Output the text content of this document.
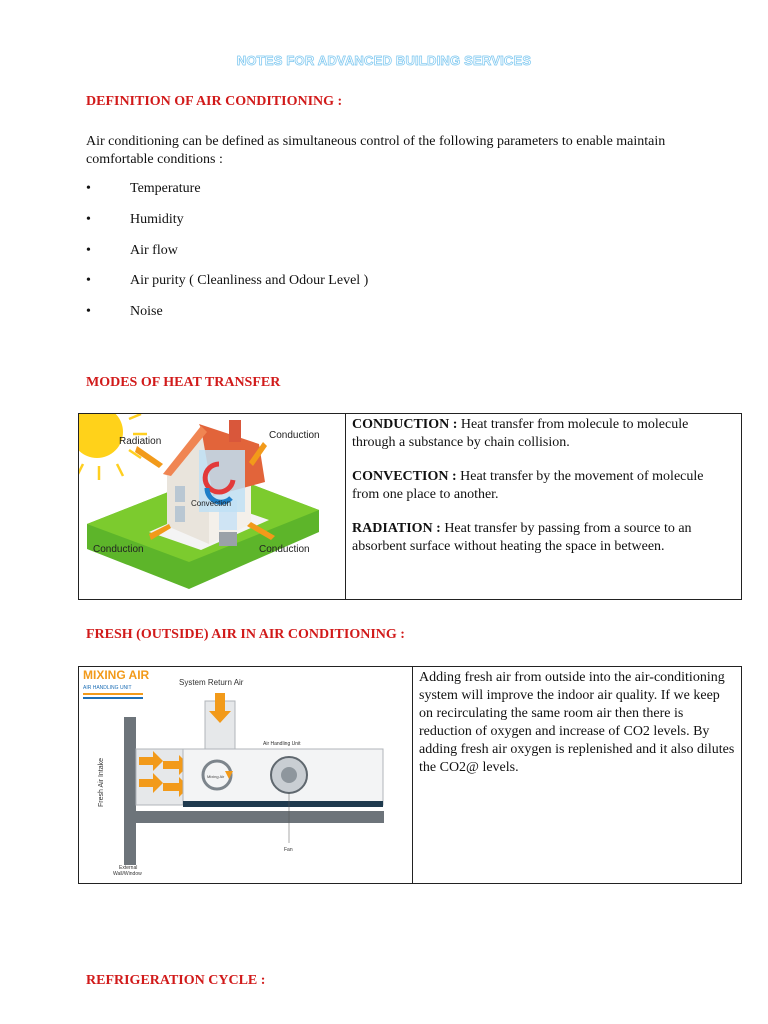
NOTES FOR ADVANCED BUILDING SERVICES
DEFINITION OF AIR CONDITIONING :
Air conditioning can be defined as simultaneous control of the following parameters to enable maintain comfortable conditions :
•	Temperature
•	Humidity
•	Air flow
•	Air purity ( Cleanliness and Odour Level )
•	Noise
MODES OF HEAT TRANSFER
Radiation
Conduction
Conduction	Conduction
Convection

CONDUCTION : Heat transfer from molecule to molecule through a substance by chain collision.

CONVECTION : Heat transfer by the movement of molecule from one place to another.

RADIATION : Heat transfer by passing from a source to an absorbent surface without heating the space in between.

FRESH (OUTSIDE) AIR IN AIR CONDITIONING :
MIXING AIR
AIR HANDLING UNIT
System Return Air
Fresh Air Intake
External
Wall/Window
Air Handling Unit
Mixing Air
Fan

Adding fresh air from outside into the air-conditioning system will improve the indoor air quality. If we keep on recirculating the same room air then there is reduction of oxygen and increase of CO2 levels. By adding fresh air oxygen is replenished and it also dilutes the CO2@ levels.
REFRIGERATION CYCLE :
